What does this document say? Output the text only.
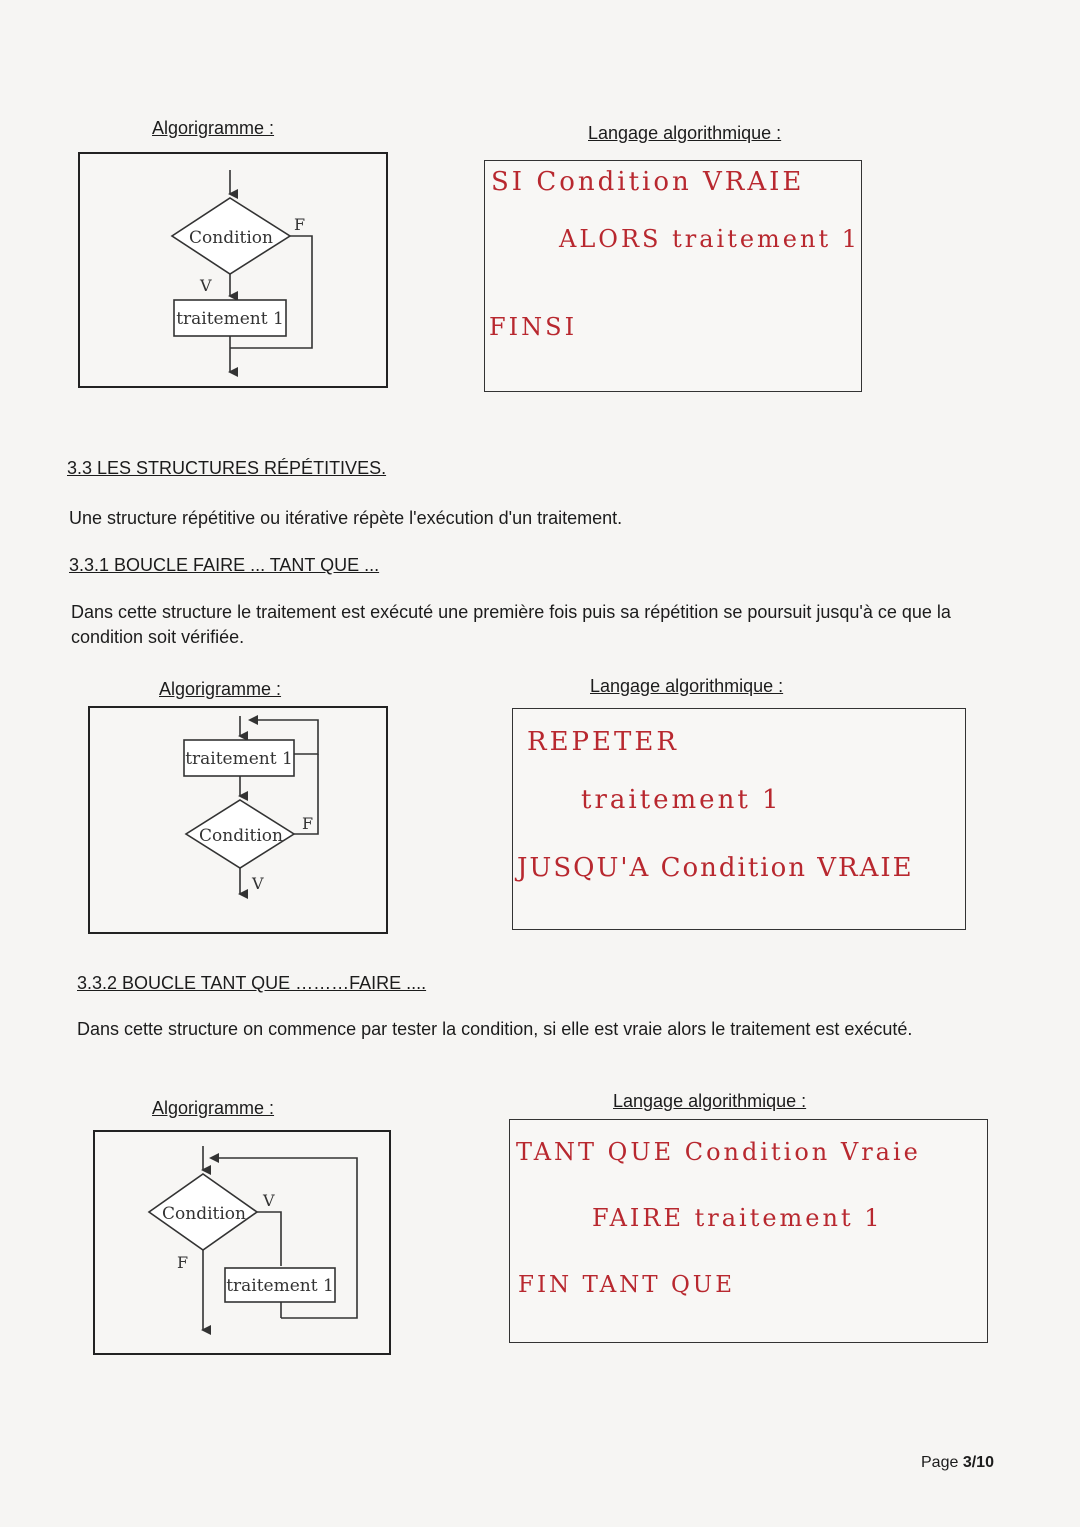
Algorigramme :	Langage algorithmique :
Condition
F
V
traitement 1
SI Condition VRAIE
ALORS traitement 1
FINSI
3.3 LES STRUCTURES RÉPÉTITIVES.
Une structure répétitive ou itérative répète l'exécution d'un traitement.
3.3.1 BOUCLE FAIRE ... TANT QUE ...
Dans cette structure le traitement est exécuté une première fois puis sa répétition se poursuit jusqu'à ce que la condition soit vérifiée.
Algorigramme :	Langage algorithmique :
traitement 1
Condition
F
V
REPETER
traitement 1
JUSQU'A Condition VRAIE
3.3.2 BOUCLE TANT QUE ………FAIRE ....
Dans cette structure on commence par tester la condition, si elle est vraie alors le traitement est exécuté.
Algorigramme :	Langage algorithmique :
Condition
V
traitement 1
F
TANT QUE Condition Vraie
FAIRE traitement 1
FIN TANT QUE
Page 3/10
